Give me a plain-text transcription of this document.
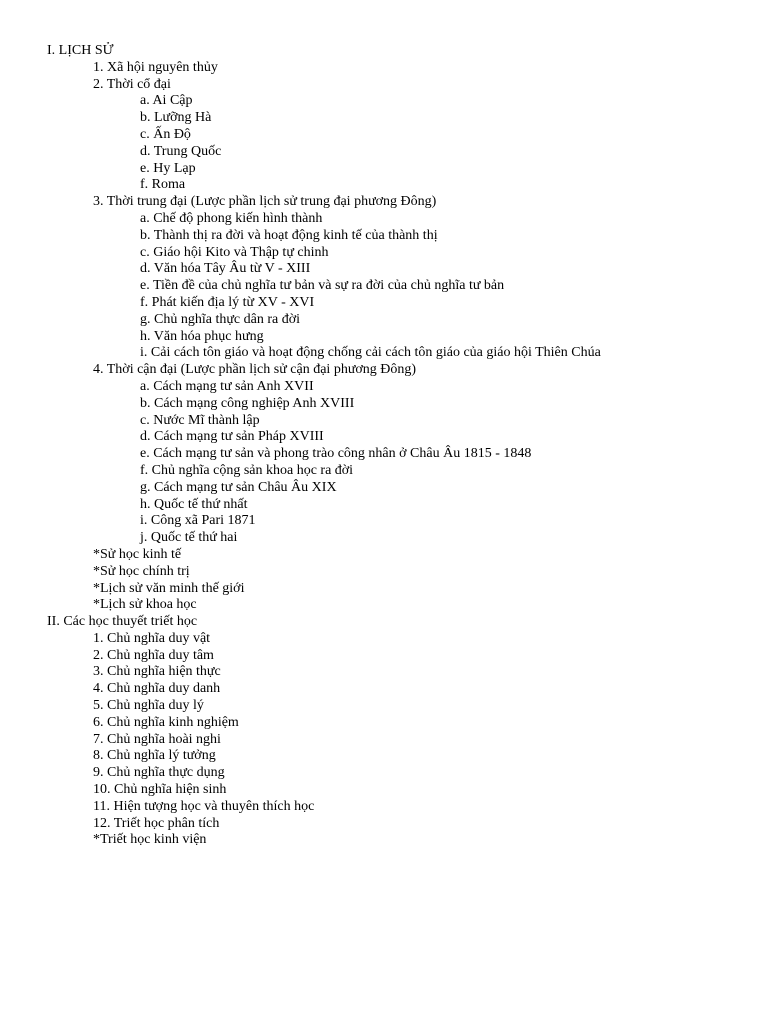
I. LỊCH SỬ
1. Xã hội nguyên thủy
2. Thời cổ đại
a. Ai Cập
b. Lưỡng Hà
c. Ấn Độ
d. Trung Quốc
e. Hy Lạp
f. Roma
3. Thời trung đại (Lược phần lịch sử trung đại phương Đông)
a. Chế độ phong kiến hình thành
b. Thành thị ra đời và hoạt động kinh tế của thành thị
c. Giáo hội Kito và Thập tự chinh
d. Văn hóa Tây Âu từ V - XIII
e. Tiền đề của chủ nghĩa tư bản và sự ra đời của chủ nghĩa tư bản
f. Phát kiến địa lý từ XV - XVI
g. Chủ nghĩa thực dân ra đời
h. Văn hóa phục hưng
i. Cải cách tôn giáo và hoạt động chống cải cách tôn giáo của giáo hội Thiên Chúa
4. Thời cận đại (Lược phần lịch sử cận đại phương Đông)
a. Cách mạng tư sản Anh XVII
b. Cách mạng công nghiệp Anh XVIII
c. Nước Mĩ thành lập
d. Cách mạng tư sản Pháp XVIII
e. Cách mạng tư sản và phong trào công nhân ở Châu Âu 1815 - 1848
f. Chủ nghĩa cộng sản khoa học ra đời
g. Cách mạng tư sản Châu Âu XIX
h. Quốc tế thứ nhất
i. Công xã Pari 1871
j. Quốc tế thứ hai
*Sử học kinh tế
*Sử học chính trị
*Lịch sử văn minh thế giới
*Lịch sử khoa học
II. Các học thuyết triết học
1. Chủ nghĩa duy vật
2. Chủ nghĩa duy tâm
3. Chủ nghĩa hiện thực
4. Chủ nghĩa duy danh
5. Chủ nghĩa duy lý
6. Chủ nghĩa kinh nghiệm
7. Chủ nghĩa hoài nghi
8. Chủ nghĩa lý tưởng
9. Chủ nghĩa thực dụng
10. Chủ nghĩa hiện sinh
11. Hiện tượng học và thuyên thích học
12. Triết học phân tích
*Triết học kinh viện
